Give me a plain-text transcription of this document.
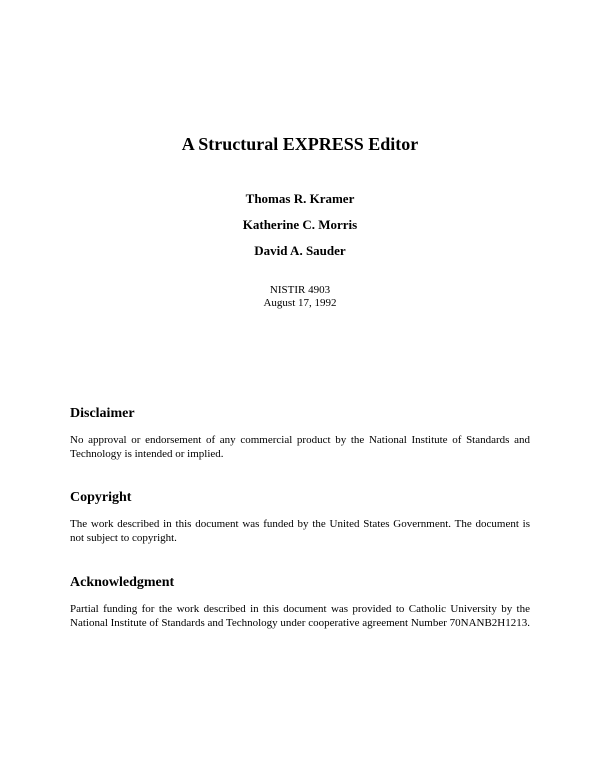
A Structural EXPRESS Editor
Thomas R. Kramer
Katherine C. Morris
David A. Sauder
NISTIR 4903
August 17, 1992
Disclaimer

No approval or endorsement of any commercial product by the National Institute of Standards and Technology is intended or implied.

Copyright

The work described in this document was funded by the United States Government. The document is not subject to copyright.

Acknowledgment

Partial funding for the work described in this document was provided to Catholic University by the National Institute of Standards and Technology under cooperative agreement Number 70NANB2H1213.
